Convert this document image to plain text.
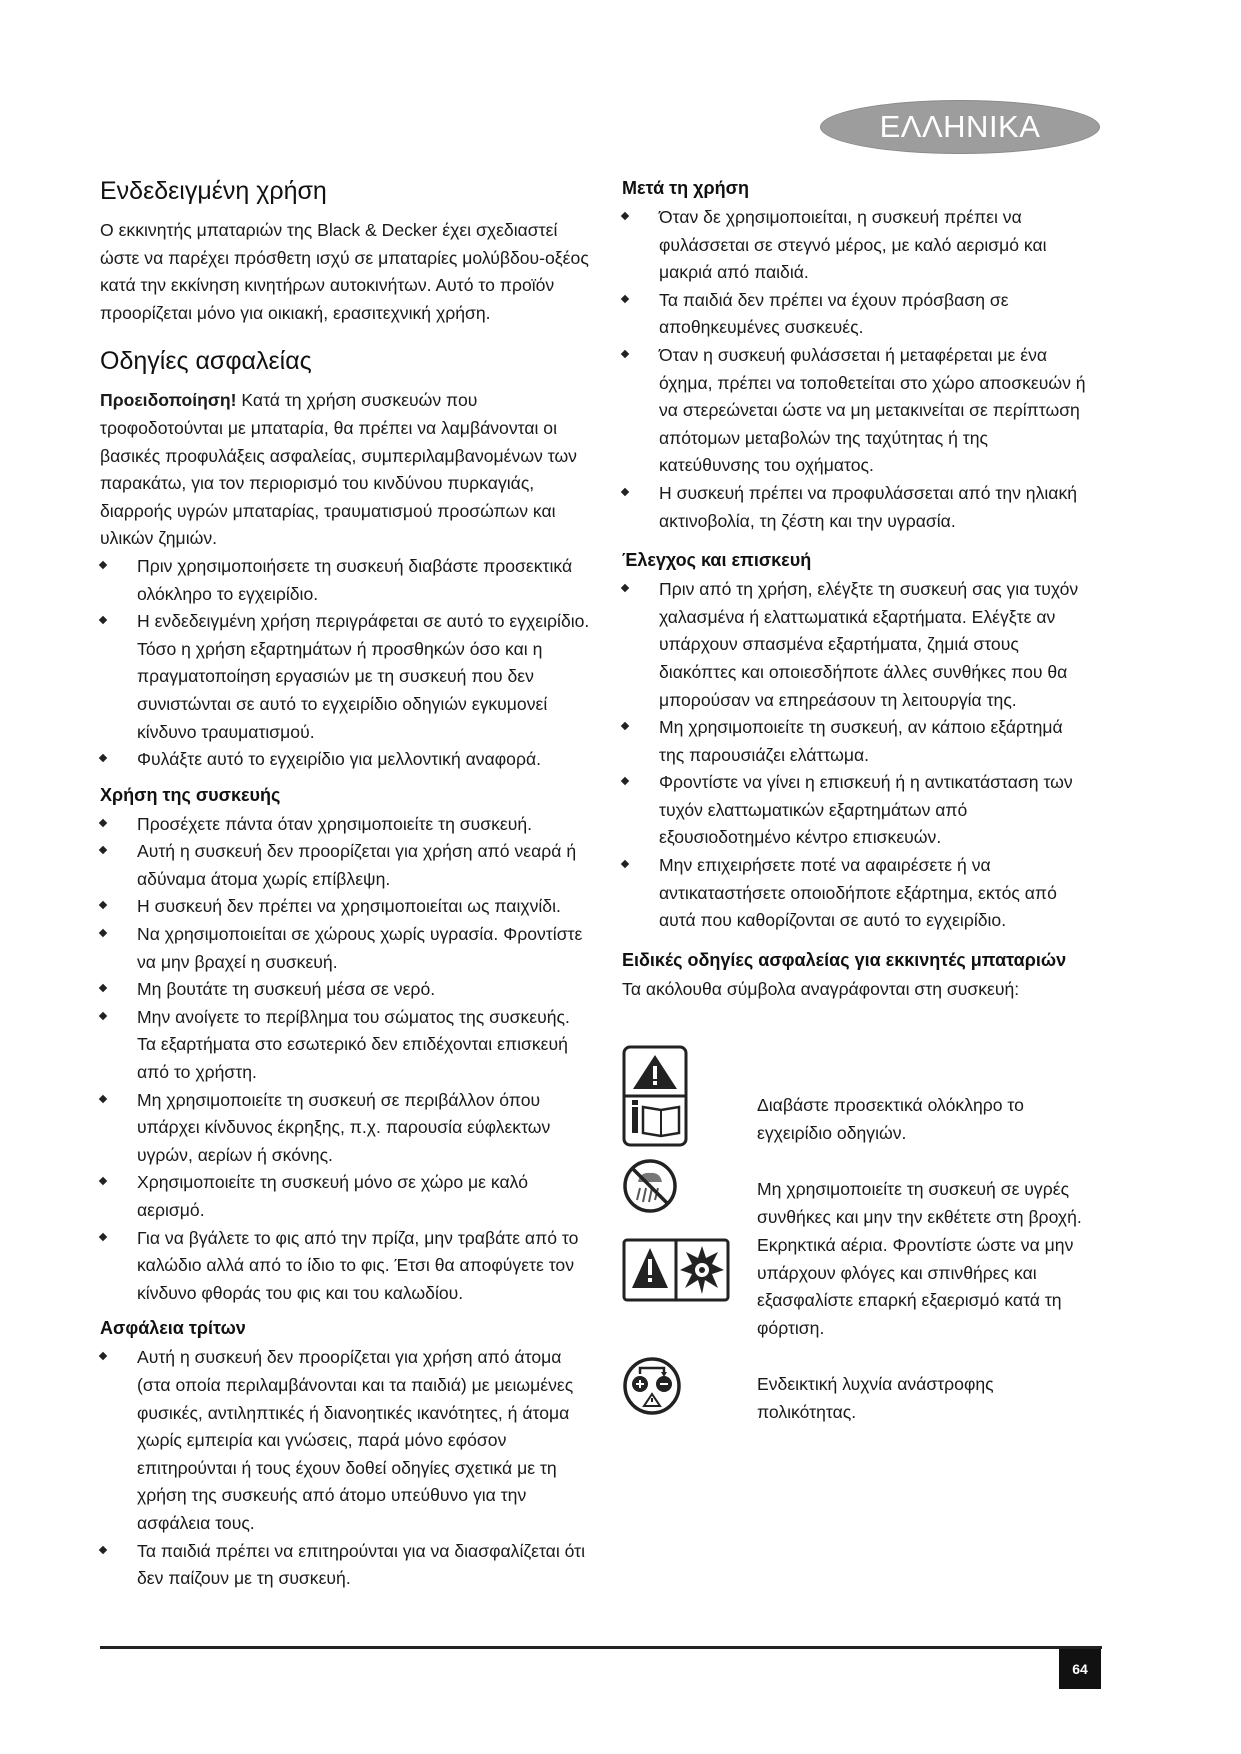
ΕΛΛΗΝΙΚΑ
Ενδεδειγμένη χρήση

Ο εκκινητής μπαταριών της Black & Decker έχει σχεδιαστεί ώστε να παρέχει πρόσθετη ισχύ σε μπαταρίες μολύβδου-οξέος κατά την εκκίνηση κινητήρων αυτοκινήτων. Αυτό το προϊόν προορίζεται μόνο για οικιακή, ερασιτεχνική χρήση.

Οδηγίες ασφαλείας

Προειδοποίηση! Κατά τη χρήση συσκευών που τροφοδοτούνται με μπαταρία, θα πρέπει να λαμβάνονται οι βασικές προφυλάξεις ασφαλείας, συμπεριλαμβανομένων των παρακάτω, για τον περιορισμό του κινδύνου πυρκαγιάς, διαρροής υγρών μπαταρίας, τραυματισμού προσώπων και υλικών ζημιών.

Πριν χρησιμοποιήσετε τη συσκευή διαβάστε προσεκτικά ολόκληρο το εγχειρίδιο.
Η ενδεδειγμένη χρήση περιγράφεται σε αυτό το εγχειρίδιο. Τόσο η χρήση εξαρτημάτων ή προσθηκών όσο και η πραγματοποίηση εργασιών με τη συσκευή που δεν συνιστώνται σε αυτό το εγχειρίδιο οδηγιών εγκυμονεί κίνδυνο τραυματισμού.
Φυλάξτε αυτό το εγχειρίδιο για μελλοντική αναφορά.
Χρήση της συσκευής
Προσέχετε πάντα όταν χρησιμοποιείτε τη συσκευή.
Αυτή η συσκευή δεν προορίζεται για χρήση από νεαρά ή αδύναμα άτομα χωρίς επίβλεψη.
Η συσκευή δεν πρέπει να χρησιμοποιείται ως παιχνίδι.
Να χρησιμοποιείται σε χώρους χωρίς υγρασία. Φροντίστε να μην βραχεί η συσκευή.
Μη βουτάτε τη συσκευή μέσα σε νερό.
Μην ανοίγετε το περίβλημα του σώματος της συσκευής. Τα εξαρτήματα στο εσωτερικό δεν επιδέχονται επισκευή από το χρήστη.
Μη χρησιμοποιείτε τη συσκευή σε περιβάλλον όπου υπάρχει κίνδυνος έκρηξης, π.χ. παρουσία εύφλεκτων υγρών, αερίων ή σκόνης.
Χρησιμοποιείτε τη συσκευή μόνο σε χώρο με καλό αερισμό.
Για να βγάλετε το φις από την πρίζα, μην τραβάτε από το καλώδιο αλλά από το ίδιο το φις. Έτσι θα αποφύγετε τον κίνδυνο φθοράς του φις και του καλωδίου.
Ασφάλεια τρίτων
Αυτή η συσκευή δεν προορίζεται για χρήση από άτομα (στα οποία περιλαμβάνονται και τα παιδιά) με μειωμένες φυσικές, αντιληπτικές ή διανοητικές ικανότητες, ή άτομα χωρίς εμπειρία και γνώσεις, παρά μόνο εφόσον επιτηρούνται ή τους έχουν δοθεί οδηγίες σχετικά με τη χρήση της συσκευής από άτομο υπεύθυνο για την ασφάλεια τους.
Τα παιδιά πρέπει να επιτηρούνται για να διασφαλίζεται ότι δεν παίζουν με τη συσκευή.
Μετά τη χρήση
Όταν δε χρησιμοποιείται, η συσκευή πρέπει να φυλάσσεται σε στεγνό μέρος, με καλό αερισμό και μακριά από παιδιά.
Τα παιδιά δεν πρέπει να έχουν πρόσβαση σε αποθηκευμένες συσκευές.
Όταν η συσκευή φυλάσσεται ή μεταφέρεται με ένα όχημα, πρέπει να τοποθετείται στο χώρο αποσκευών ή να στερεώνεται ώστε να μη μετακινείται σε περίπτωση απότομων μεταβολών της ταχύτητας ή της κατεύθυνσης του οχήματος.
Η συσκευή πρέπει να προφυλάσσεται από την ηλιακή ακτινοβολία, τη ζέστη και την υγρασία.
Έλεγχος και επισκευή
Πριν από τη χρήση, ελέγξτε τη συσκευή σας για τυχόν χαλασμένα ή ελαττωματικά εξαρτήματα. Ελέγξτε αν υπάρχουν σπασμένα εξαρτήματα, ζημιά στους διακόπτες και οποιεσδήποτε άλλες συνθήκες που θα μπορούσαν να επηρεάσουν τη λειτουργία της.
Μη χρησιμοποιείτε τη συσκευή, αν κάποιο εξάρτημά της παρουσιάζει ελάττωμα.
Φροντίστε να γίνει η επισκευή ή η αντικατάσταση των τυχόν ελαττωματικών εξαρτημάτων από εξουσιοδοτημένο κέντρο επισκευών.
Μην επιχειρήσετε ποτέ να αφαιρέσετε ή να αντικαταστήσετε οποιοδήποτε εξάρτημα, εκτός από αυτά που καθορίζονται σε αυτό το εγχειρίδιο.
Ειδικές οδηγίες ασφαλείας για εκκινητές μπαταριών

Τα ακόλουθα σύμβολα αναγράφονται στη συσκευή:

Διαβάστε προσεκτικά ολόκληρο το εγχειρίδιο οδηγιών.
Μη χρησιμοποιείτε τη συσκευή σε υγρές συνθήκες και μην την εκθέτετε στη βροχή.
Εκρηκτικά αέρια. Φροντίστε ώστε να μην υπάρχουν φλόγες και σπινθήρες και εξασφαλίστε επαρκή εξαερισμό κατά τη φόρτιση.
Ενδεικτική λυχνία ανάστροφης πολικότητας.
64
